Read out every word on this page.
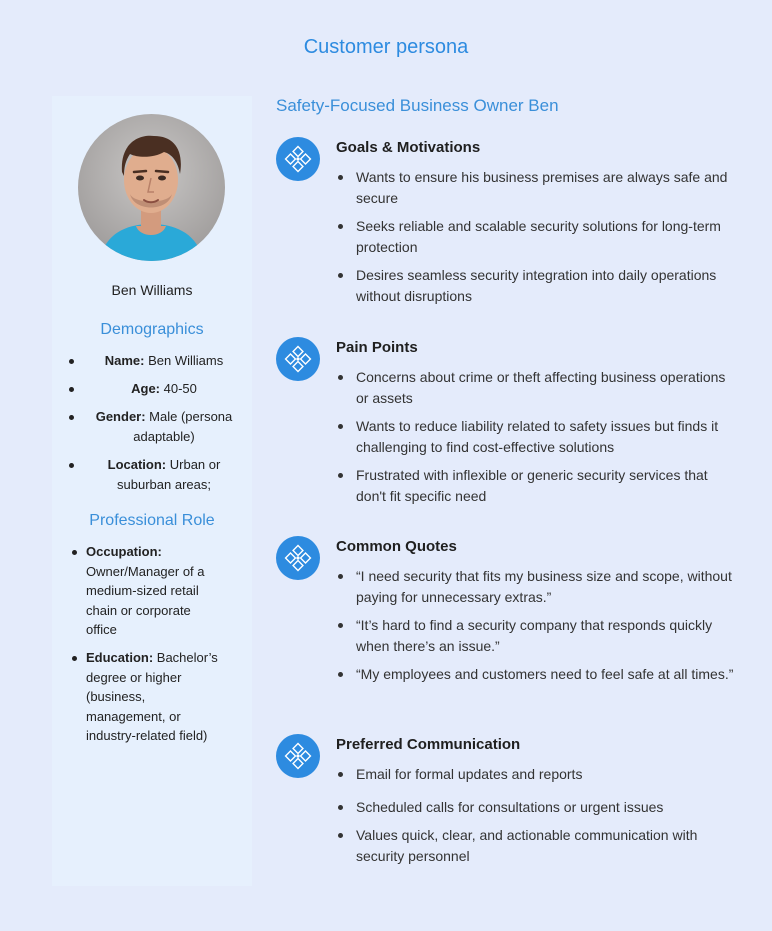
Customer persona
Ben Williams
Demographics
Name: Ben Williams
Age: 40-50
Gender: Male (persona adaptable)
Location: Urban or suburban areas;
Professional Role
Occupation: Owner/Manager of a medium-sized retail chain or corporate office
Education: Bachelor’s degree or higher (business, management, or industry-related field)
Safety-Focused Business Owner Ben
Goals & Motivations
Wants to ensure his business premises are always safe and secure
Seeks reliable and scalable security solutions for long-term protection
Desires seamless security integration into daily operations without disruptions
Pain Points
Concerns about crime or theft affecting business operations or assets
Wants to reduce liability related to safety issues but finds it challenging to find cost-effective solutions
Frustrated with inflexible or generic security services that don't fit specific need
Common Quotes
“I need security that fits my business size and scope, without paying for unnecessary extras.”
“It’s hard to find a security company that responds quickly when there’s an issue.”
“My employees and customers need to feel safe at all times.”
Preferred Communication
Email for formal updates and reports
Scheduled calls for consultations or urgent issues
Values quick, clear, and actionable communication with security personnel
